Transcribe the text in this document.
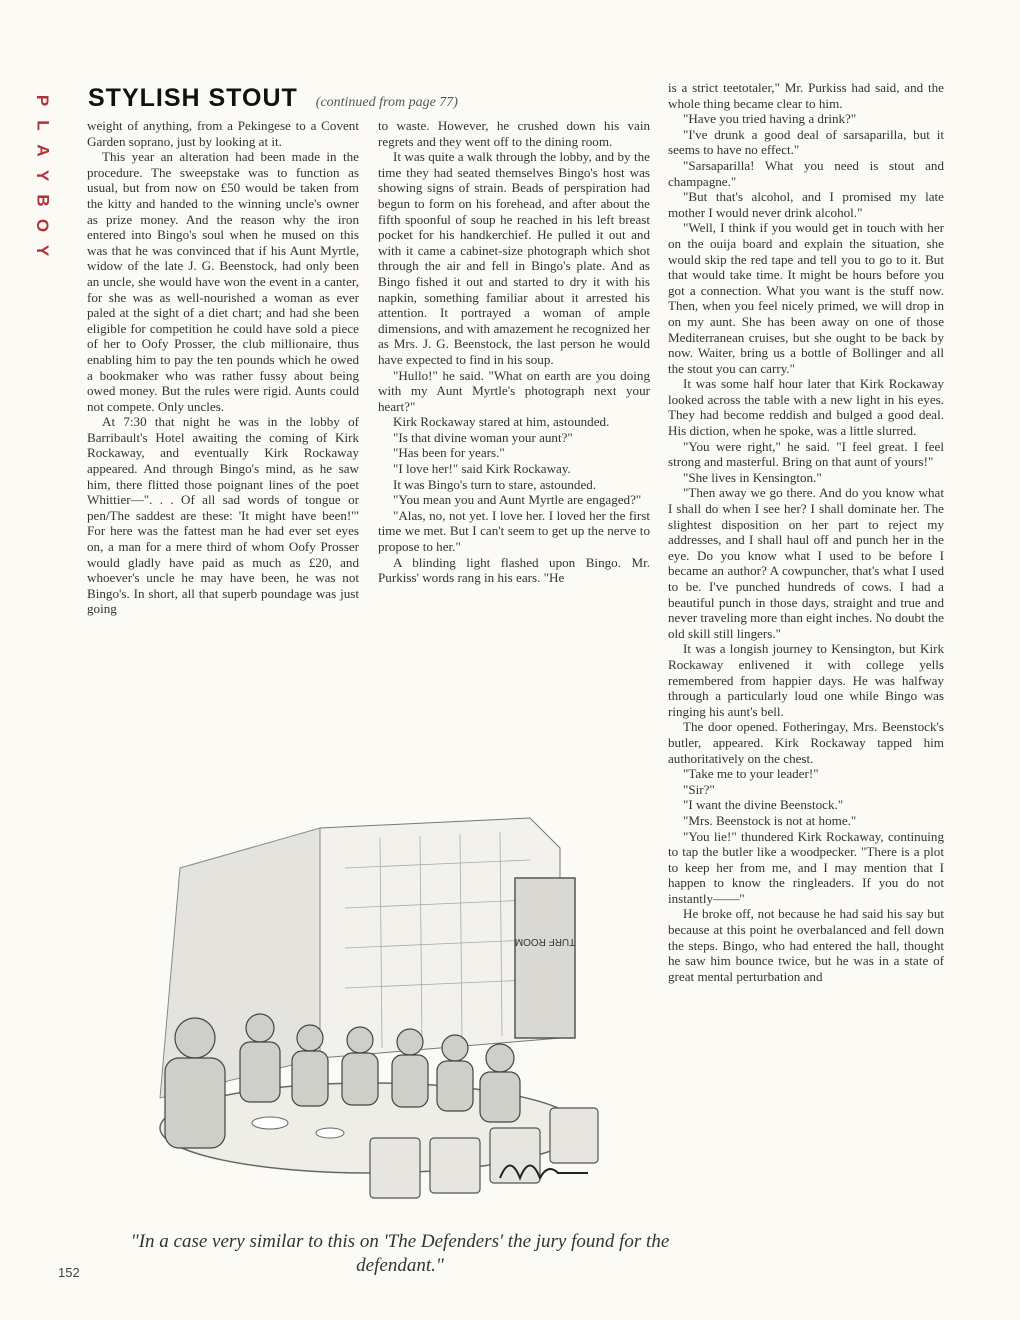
P
L
A
Y
B
O
Y
STYLISH STOUT (continued from page 77)

weight of anything, from a Pekingese to a Covent Garden soprano, just by looking at it.

This year an alteration had been made in the procedure. The sweepstake was to function as usual, but from now on £50 would be taken from the kitty and handed to the winning uncle's owner as prize money. And the reason why the iron entered into Bingo's soul when he mused on this was that he was convinced that if his Aunt Myrtle, widow of the late J. G. Beenstock, had only been an uncle, she would have won the event in a canter, for she was as well-nourished a woman as ever paled at the sight of a diet chart; and had she been eligible for competition he could have sold a piece of her to Oofy Prosser, the club millionaire, thus enabling him to pay the ten pounds which he owed a bookmaker who was rather fussy about being owed money. But the rules were rigid. Aunts could not compete. Only uncles.

At 7:30 that night he was in the lobby of Barribault's Hotel awaiting the coming of Kirk Rockaway, and eventually Kirk Rockaway appeared. And through Bingo's mind, as he saw him, there flitted those poignant lines of the poet Whittier—". . . Of all sad words of tongue or pen/The saddest are these: 'It might have been!'" For here was the fattest man he had ever set eyes on, a man for a mere third of whom Oofy Prosser would gladly have paid as much as £20, and whoever's uncle he may have been, he was not Bingo's. In short, all that superb poundage was just going

to waste. However, he crushed down his vain regrets and they went off to the dining room.

It was quite a walk through the lobby, and by the time they had seated themselves Bingo's host was showing signs of strain. Beads of perspiration had begun to form on his forehead, and after about the fifth spoonful of soup he reached in his left breast pocket for his handkerchief. He pulled it out and with it came a cabinet-size photograph which shot through the air and fell in Bingo's plate. And as Bingo fished it out and started to dry it with his napkin, something familiar about it arrested his attention. It portrayed a woman of ample dimensions, and with amazement he recognized her as Mrs. J. G. Beenstock, the last person he would have expected to find in his soup.

"Hullo!" he said. "What on earth are you doing with my Aunt Myrtle's photograph next your heart?"

Kirk Rockaway stared at him, astounded.

"Is that divine woman your aunt?"

"Has been for years."

"I love her!" said Kirk Rockaway.

It was Bingo's turn to stare, astounded.

"You mean you and Aunt Myrtle are engaged?"

"Alas, no, not yet. I love her. I loved her the first time we met. But I can't seem to get up the nerve to propose to her."

A blinding light flashed upon Bingo. Mr. Purkiss' words rang in his ears. "He

is a strict teetotaler," Mr. Purkiss had said, and the whole thing became clear to him.

"Have you tried having a drink?"

"I've drunk a good deal of sarsaparilla, but it seems to have no effect."

"Sarsaparilla! What you need is stout and champagne."

"But that's alcohol, and I promised my late mother I would never drink alcohol."

"Well, I think if you would get in touch with her on the ouija board and explain the situation, she would skip the red tape and tell you to go to it. But that would take time. It might be hours before you got a connection. What you want is the stuff now. Then, when you feel nicely primed, we will drop in on my aunt. She has been away on one of those Mediterranean cruises, but she ought to be back by now. Waiter, bring us a bottle of Bollinger and all the stout you can carry."

It was some half hour later that Kirk Rockaway looked across the table with a new light in his eyes. They had become reddish and bulged a good deal. His diction, when he spoke, was a little slurred.

"You were right," he said. "I feel great. I feel strong and masterful. Bring on that aunt of yours!"

"She lives in Kensington."

"Then away we go there. And do you know what I shall do when I see her? I shall dominate her. The slightest disposition on her part to reject my addresses, and I shall haul off and punch her in the eye. Do you know what I used to be before I became an author? A cowpuncher, that's what I used to be. I've punched hundreds of cows. I had a beautiful punch in those days, straight and true and never traveling more than eight inches. No doubt the old skill still lingers."

It was a longish journey to Kensington, but Kirk Rockaway enlivened it with college yells remembered from happier days. He was halfway through a particularly loud one while Bingo was ringing his aunt's bell.

The door opened. Fotheringay, Mrs. Beenstock's butler, appeared. Kirk Rockaway tapped him authoritatively on the chest.

"Take me to your leader!"

"Sir?"

"I want the divine Beenstock."

"Mrs. Beenstock is not at home."

"You lie!" thundered Kirk Rockaway, continuing to tap the butler like a woodpecker. "There is a plot to keep her from me, and I may mention that I happen to know the ringleaders. If you do not instantly——"

He broke off, not because he had said his say but because at this point he overbalanced and fell down the steps. Bingo, who had entered the hall, thought he saw him bounce twice, but he was in a state of great mental perturbation and

TURF ROOM
"In a case very similar to this on 'The Defenders' the jury found for the defendant."
152
